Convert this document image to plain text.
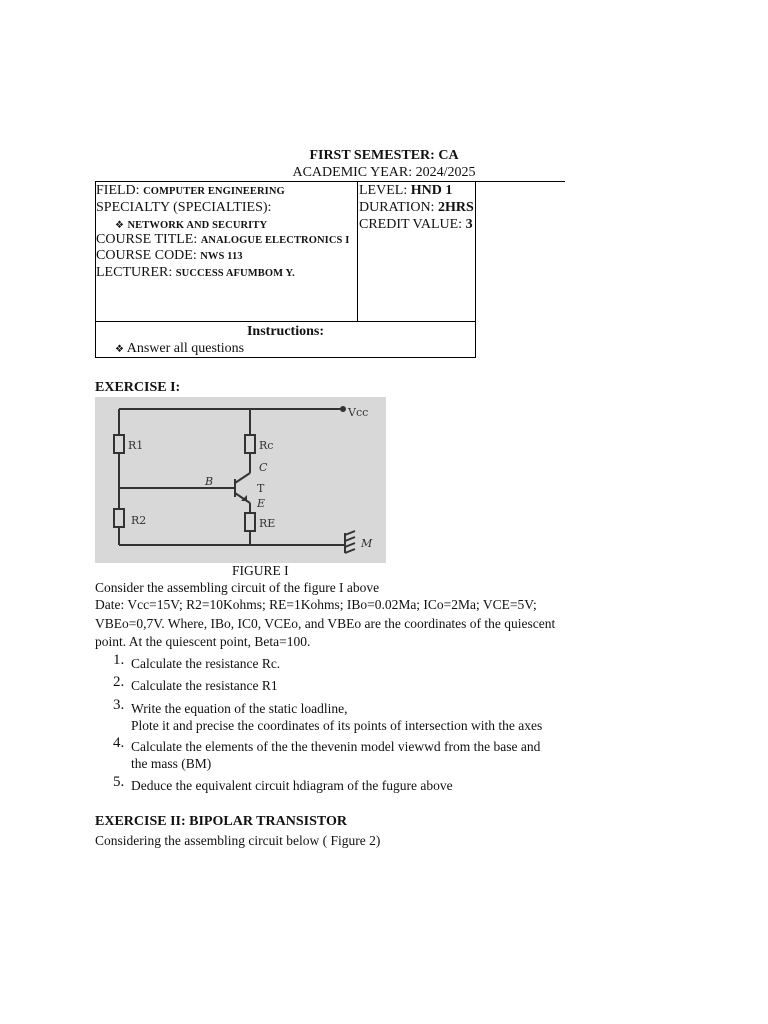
FIRST SEMESTER: CA
ACADEMIC YEAR: 2024/2025
FIELD: COMPUTER ENGINEERING
SPECIALTY (SPECIALTIES):
❖ NETWORK AND SECURITY
COURSE TITLE: ANALOGUE ELECTRONICS I
COURSE CODE: NWS 113
LECTURER: SUCCESS AFUMBOM Y.
LEVEL: HND 1
DURATION: 2HRS
CREDIT VALUE: 3
Instructions:
❖ Answer all questions
EXERCISE I:
Vcc
R1	Rc
C
B
T
E
R2	RE
M
FIGURE I
Consider the assembling circuit of the figure I above
Date: Vcc=15V; R2=10Kohms; RE=1Kohms; IBo=0.02Ma; ICo=2Ma; VCE=5V;
VBEo=0,7V. Where, IBo, IC0, VCEo, and VBEo are the coordinates of the quiescent
point. At the quiescent point, Beta=100.
1. Calculate the resistance Rc.
2. Calculate the resistance R1
3. Write the equation of the static loadline,
Plote it and precise the coordinates of its points of intersection with the axes
4. Calculate the elements of the the thevenin model viewwd from the base and
the mass (BM)
5. Deduce the equivalent circuit hdiagram of the fugure above
EXERCISE II: BIPOLAR TRANSISTOR
Considering the assembling circuit below ( Figure 2)
